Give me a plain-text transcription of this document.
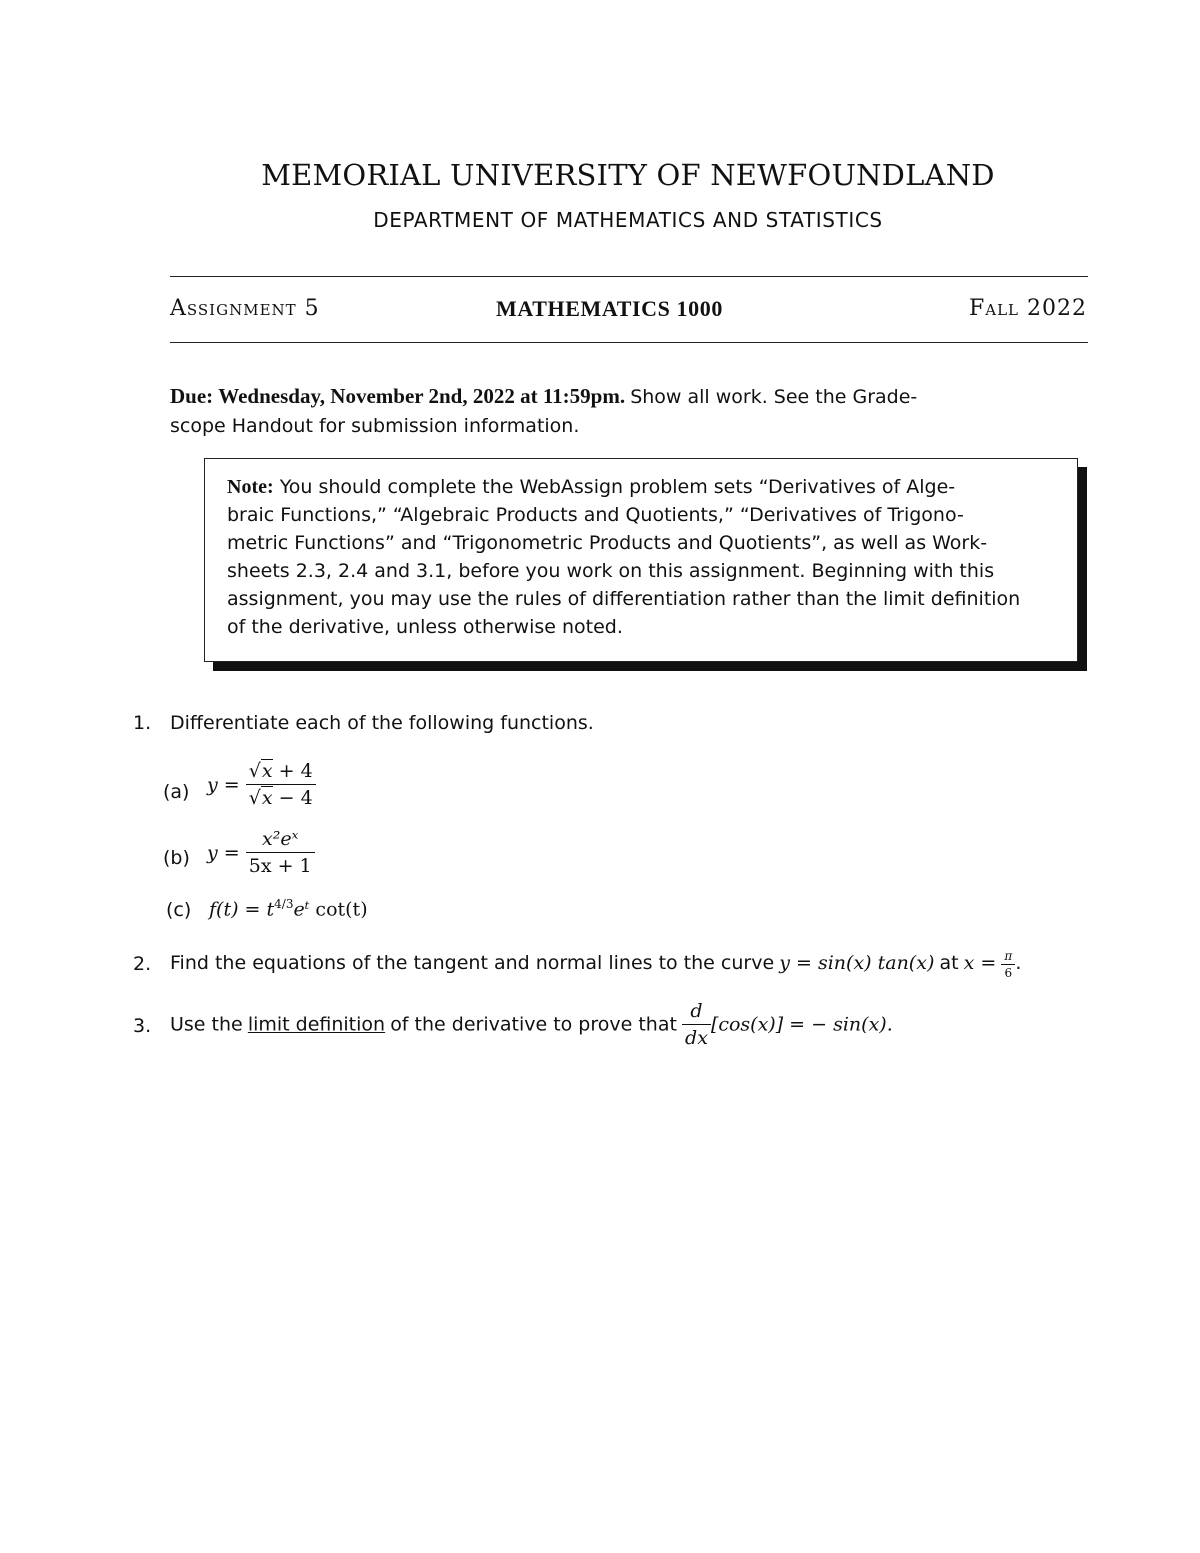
MEMORIAL UNIVERSITY OF NEWFOUNDLAND
DEPARTMENT OF MATHEMATICS AND STATISTICS
Assignment 5	MATHEMATICS 1000	Fall 2022
Due: Wednesday, November 2nd, 2022 at 11:59pm. Show all work. See the Grade-
scope Handout for submission information.
Note: You should complete the WebAssign problem sets “Derivatives of Alge-
braic Functions,” “Algebraic Products and Quotients,” “Derivatives of Trigono-
metric Functions” and “Trigonometric Products and Quotients”, as well as Work-
sheets 2.3, 2.4 and 3.1, before you work on this assignment. Beginning with this
assignment, you may use the rules of differentiation rather than the limit definition
of the derivative, unless otherwise noted.
1. Differentiate each of the following functions.
(a) $y = \frac{√x + 4}{√x - 4}$
(b) $y = \frac{\text{x²eˣ}}{5x + 1}$
(c) $f(t) = t^{4/3}eᵗ$ cot(t)
2. Find the equations of the tangent and normal lines to the curve y = sin(x) tan(x) at $x = \frac{\pi}{6}$ .
3. Use the limit definition of the derivative to prove that $\frac{d}{dx} [\cos(x)]$ = − sin(x).
